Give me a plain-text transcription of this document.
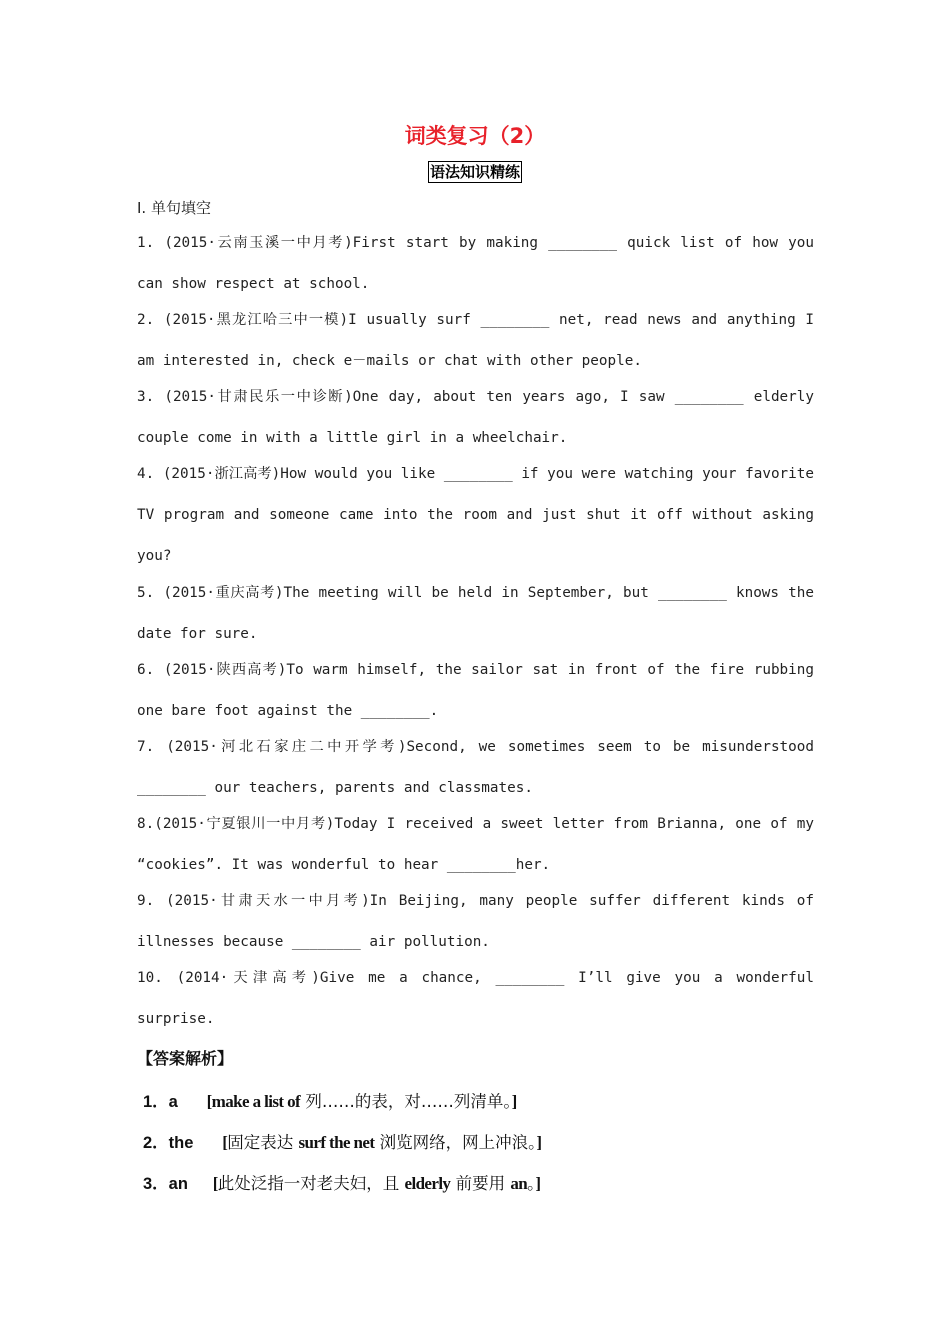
词类复习（2）
语法知识精练
Ⅰ. 单句填空
1. (2015·云南玉溪一中月考)First start by making ________ quick list of how you
can show respect at school.
2. (2015·黑龙江哈三中一模)I usually surf ________ net, read news and anything I
am interested in, check e－mails or chat with other people.
3. (2015·甘肃民乐一中诊断)One day, about ten years ago, I saw ________ elderly
couple come in with a little girl in a wheelchair.
4. (2015·浙江高考)How would you like ________ if you were watching your favorite
TV program and someone came into the room and just shut it off without asking
you?
5. (2015·重庆高考)The meeting will be held in September, but ________ knows the
date for sure.
6. (2015·陕西高考)To warm himself, the sailor sat in front of the fire rubbing
one bare foot against the ________.
7. (2015·河北石家庄二中开学考)Second, we sometimes seem to be misunderstood
________ our teachers, parents and classmates.
8.(2015·宁夏银川一中月考)Today I received a sweet letter from Brianna, one of my
“cookies”. It was wonderful to hear ________her.
9. (2015·甘肃天水一中月考)In Beijing, many people suffer different kinds of
illnesses because ________ air pollution.
10. (2014·天津高考)Give me a chance, ________ I’ll give you a wonderful
surprise.
【答案解析】
1．a [make a list of 列……的表，对……列清单。]
2．the [固定表达 surf the net 浏览网络，网上冲浪。]
3．an [此处泛指一对老夫妇，且 elderly 前要用 an。]
